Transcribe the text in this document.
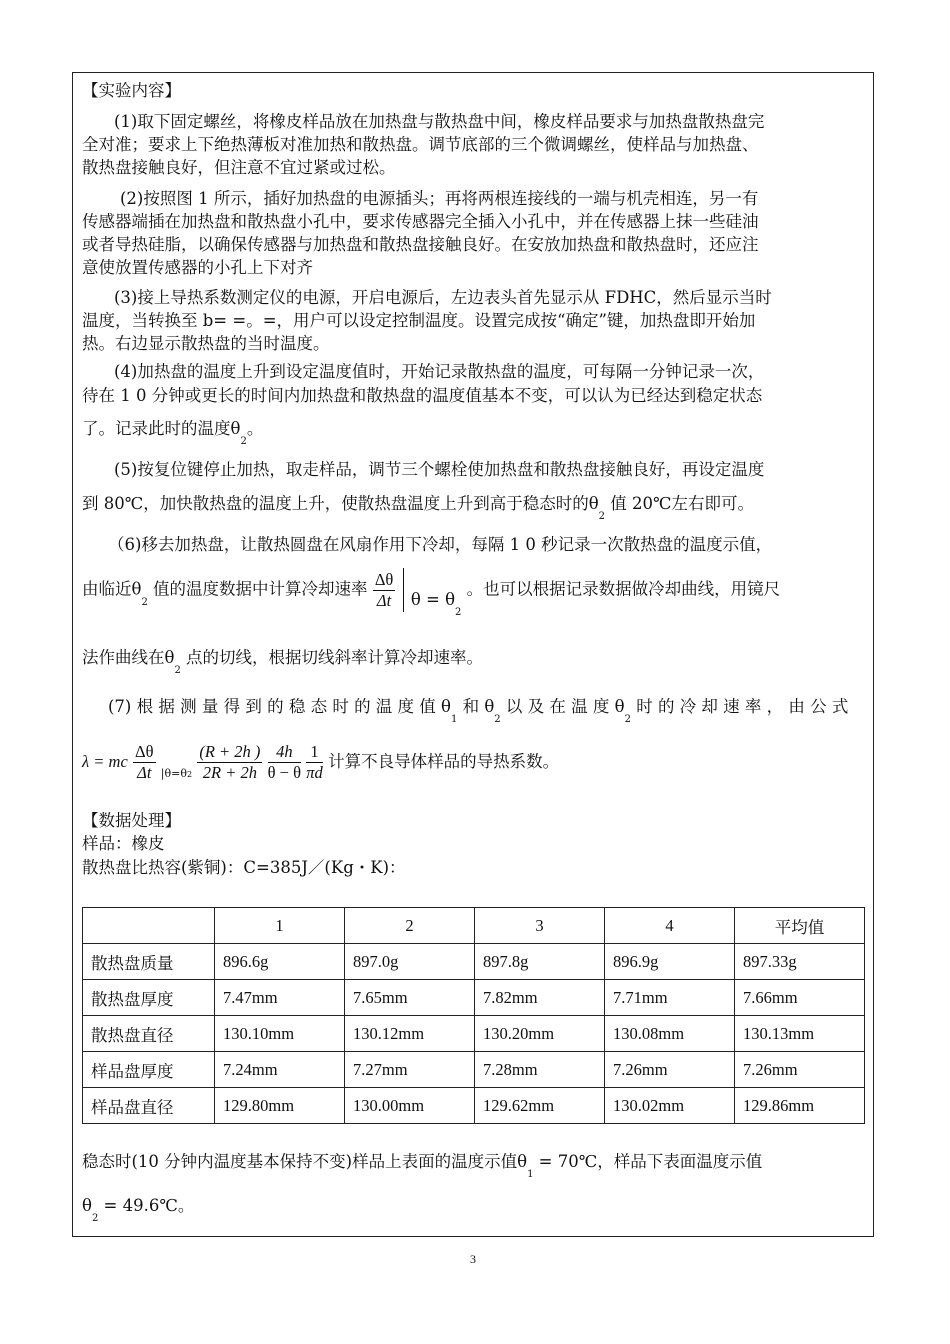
【实验内容】
(1)取下固定螺丝，将橡皮样品放在加热盘与散热盘中间，橡皮样品要求与加热盘散热盘完
全对准；要求上下绝热薄板对准加热和散热盘。调节底部的三个微调螺丝，使样品与加热盘、
散热盘接触良好，但注意不宜过紧或过松。
(2)按照图 1 所示，插好加热盘的电源插头；再将两根连接线的一端与机壳相连，另一有
传感器端插在加热盘和散热盘小孔中，要求传感器完全插入小孔中，并在传感器上抹一些硅油
或者导热硅脂，以确保传感器与加热盘和散热盘接触良好。在安放加热盘和散热盘时，还应注
意使放置传感器的小孔上下对齐
(3)接上导热系数测定仪的电源，开启电源后，左边表头首先显示从 FDHC，然后显示当时
温度，当转换至 b= =。=，用户可以设定控制温度。设置完成按“确定”键，加热盘即开始加
热。右边显示散热盘的当时温度。
(4)加热盘的温度上升到设定温度值时，开始记录散热盘的温度，可每隔一分钟记录一次，
待在 1 0 分钟或更长的时间内加热盘和散热盘的温度值基本不变，可以认为已经达到稳定状态
了。记录此时的温度$\theta_2$。
(5)按复位键停止加热，取走样品，调节三个螺栓使加热盘和散热盘接触良好，再设定温度
到 80℃，加快散热盘的温度上升，使散热盘温度上升到高于稳态时的$\theta_2$ 值 20℃左右即可。
（6)移去加热盘，让散热圆盘在风扇作用下冷却，每隔 1 0 秒记录一次散热盘的温度示值，
由临近$\theta_2$ 值的温度数据中计算冷却速率 $\frac{\Delta\theta}{\Delta t}$ $\theta = \theta_2$ 。也可以根据记录数据做冷却曲线，用镜尺
法作曲线在$\theta_2$ 点的切线，根据切线斜率计算冷却速率。
(7) 根 据 测 量 得 到 的 稳 态 时 的 温 度 值 $\theta_1$ 和 $\theta_2$ 以 及 在 温 度 $\theta_2$ 时 的 冷 却 速 率 ， 由 公 式
λ = mc $\frac{\Delta\theta}{\Delta t} _{|\theta=\theta 2} \frac{(R + 2h )}{2R + 2h}$
$\frac{4h}{\theta - \theta}$
$\frac{1}{\pi d}$ 计算不良导体样品的导热系数。
【数据处理】
样品：橡皮
散热盘比热容(紫铜)：C=385J／(Kg・K)：
	1	2	3	4	平均值
散热盘质量	896.6g	897.0g	897.8g	896.9g	897.33g
散热盘厚度	7.47mm	7.65mm	7.82mm	7.71mm	7.66mm
散热盘直径	130.10mm	130.12mm	130.20mm	130.08mm	130.13mm
样品盘厚度	7.24mm	7.27mm	7.28mm	7.26mm	7.26mm
样品盘直径	129.80mm	130.00mm	129.62mm	130.02mm	129.86mm
稳态时(10 分钟内温度基本保持不变)样品上表面的温度示值$\theta_1$ = 70℃，样品下表面温度示值
$\theta_2$ = 49.6℃。
3
